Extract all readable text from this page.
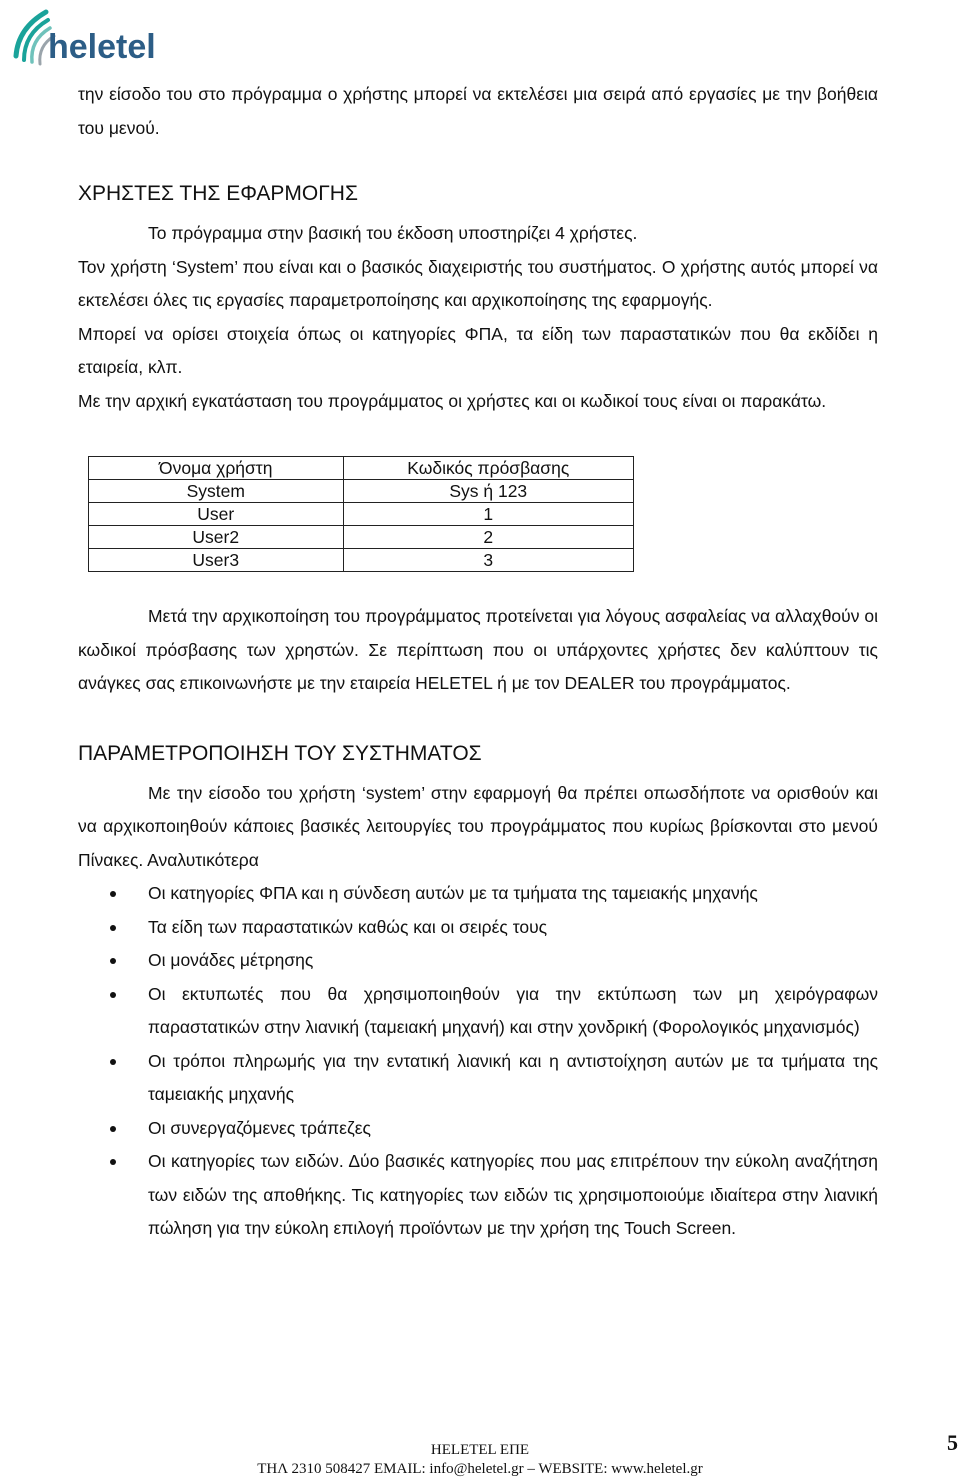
heletel

την είσοδο του στο πρόγραμμα ο χρήστης μπορεί να εκτελέσει μια σειρά από εργασίες με την βοήθεια του μενού.

ΧΡΗΣΤΕΣ ΤΗΣ ΕΦΑΡΜΟΓΗΣ

Το πρόγραμμα στην βασική του έκδοση υποστηρίζει 4 χρήστες.

Τον χρήστη ‘System’ που είναι και ο βασικός διαχειριστής του συστήματος. Ο χρήστης αυτός μπορεί να εκτελέσει όλες τις εργασίες παραμετροποίησης και αρχικοποίησης της εφαρμογής.

Μπορεί να ορίσει στοιχεία όπως οι κατηγορίες ΦΠΑ, τα είδη των παραστατικών που θα εκδίδει η εταιρεία, κλπ.

Με την αρχική εγκατάσταση του προγράμματος οι χρήστες και οι κωδικοί τους είναι οι παρακάτω.

Όνομα χρήστη	Κωδικός πρόσβασης
System	Sys ή 123
User	1
User2	2
User3	3

Μετά την αρχικοποίηση του προγράμματος προτείνεται για λόγους ασφαλείας να αλλαχθούν οι κωδικοί πρόσβασης των χρηστών. Σε περίπτωση που οι υπάρχοντες χρήστες δεν καλύπτουν τις ανάγκες σας επικοινωνήστε με την εταιρεία HELETEL ή με τον DEALER του προγράμματος.

ΠΑΡΑΜΕΤΡΟΠΟΙΗΣΗ ΤΟΥ ΣΥΣΤΗΜΑΤΟΣ

Με την είσοδο του χρήστη ‘system’ στην εφαρμογή θα πρέπει οπωσδήποτε να ορισθούν και να αρχικοποιηθούν κάποιες βασικές λειτουργίες του προγράμματος που κυρίως βρίσκονται στο μενού Πίνακες. Αναλυτικότερα

Οι κατηγορίες ΦΠΑ και η σύνδεση αυτών με τα τμήματα της ταμειακής μηχανής
Τα είδη των παραστατικών καθώς και οι σειρές τους
Οι μονάδες μέτρησης
Οι εκτυπωτές που θα χρησιμοποιηθούν για την εκτύπωση των μη χειρόγραφων παραστατικών στην λιανική (ταμειακή μηχανή) και στην χονδρική (Φορολογικός μηχανισμός)
Οι τρόποι πληρωμής για την εντατική λιανική και η αντιστοίχηση αυτών με τα τμήματα της ταμειακής μηχανής
Οι συνεργαζόμενες τράπεζες
Οι κατηγορίες των ειδών. Δύο βασικές κατηγορίες που μας επιτρέπουν την εύκολη αναζήτηση των ειδών της αποθήκης. Τις κατηγορίες των ειδών τις χρησιμοποιούμε ιδιαίτερα στην λιανική πώληση για την εύκολη επιλογή προϊόντων με την χρήση της Touch Screen.
HELETEL ΕΠΕ
ΤΗΛ 2310 508427 EMAIL: info@heletel.gr – WEBSITE: www.heletel.gr
5
